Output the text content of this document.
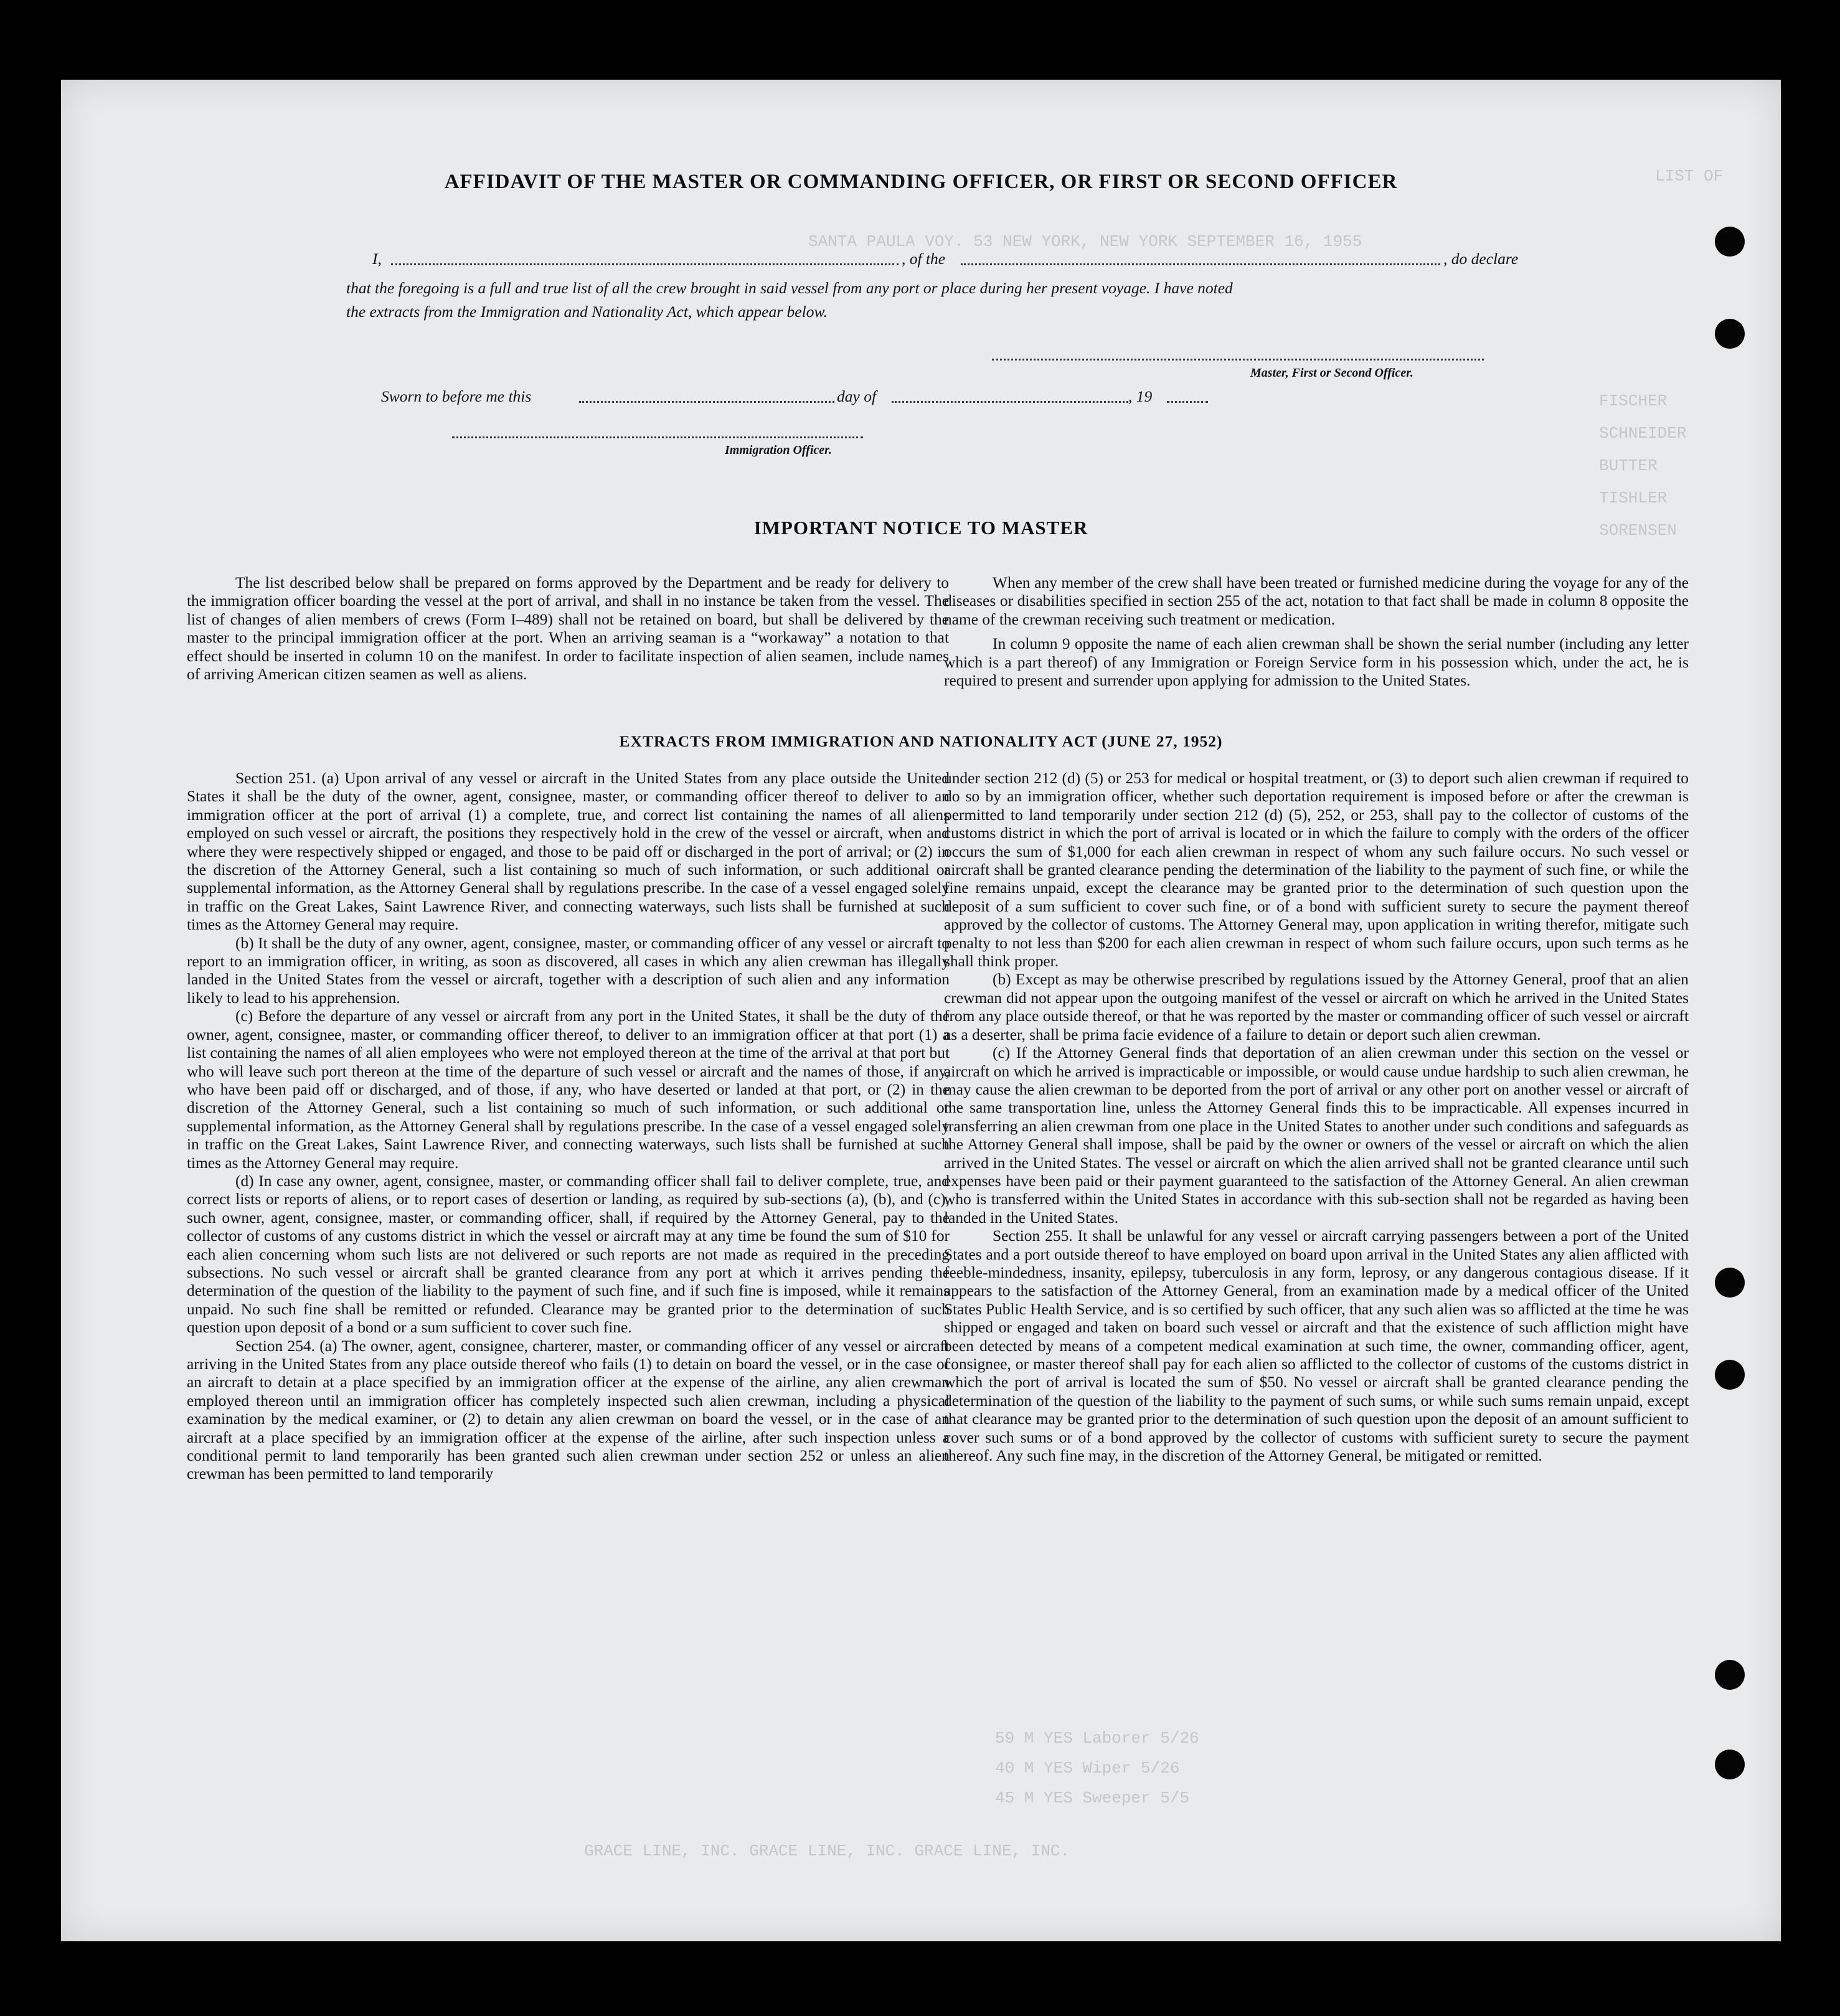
LIST OF
SANTA PAULA VOY. 53 NEW YORK, NEW YORK SEPTEMBER 16, 1955
FISCHER
SCHNEIDER
BUTTER
TISHLER
SORENSEN
59 M YES Laborer 5/26
40 M YES Wiper 5/26
45 M YES Sweeper 5/5
GRACE LINE, INC. GRACE LINE, INC. GRACE LINE, INC.
AFFIDAVIT OF THE MASTER OR COMMANDING OFFICER, OR FIRST OR SECOND OFFICER
I,	, of the	, do declare
that the foregoing is a full and true list of all the crew brought in said vessel from any port or place during her present voyage. I have noted
the extracts from the Immigration and Nationality Act, which appear below.
Master, First or Second Officer.
Sworn to before me this	day of	, 19
Immigration Officer.
IMPORTANT NOTICE TO MASTER

The list described below shall be prepared on forms approved by the Department and be ready for delivery to the immigration officer boarding the vessel at the port of arrival, and shall in no instance be taken from the vessel. The list of changes of alien members of crews (Form I–489) shall not be retained on board, but shall be delivered by the master to the principal immigration officer at the port. When an arriving seaman is a “workaway” a notation to that effect should be inserted in column 10 on the manifest. In order to facilitate inspection of alien seamen, include names of arriving American citizen seamen as well as aliens.

When any member of the crew shall have been treated or furnished medicine during the voyage for any of the diseases or disabilities specified in section 255 of the act, notation to that fact shall be made in column 8 opposite the name of the crewman receiving such treatment or medication.

In column 9 opposite the name of each alien crewman shall be shown the serial number (including any letter which is a part thereof) of any Immigration or Foreign Service form in his possession which, under the act, he is required to present and surrender upon applying for admission to the United States.

EXTRACTS FROM IMMIGRATION AND NATIONALITY ACT (JUNE 27, 1952)

Section 251. (a) Upon arrival of any vessel or aircraft in the United States from any place outside the United States it shall be the duty of the owner, agent, consignee, master, or commanding officer thereof to deliver to an immigration officer at the port of arrival (1) a complete, true, and correct list containing the names of all aliens employed on such vessel or aircraft, the positions they respectively hold in the crew of the vessel or aircraft, when and where they were respectively shipped or engaged, and those to be paid off or discharged in the port of arrival; or (2) in the discretion of the Attorney General, such a list containing so much of such information, or such additional or supplemental information, as the Attorney General shall by regulations prescribe. In the case of a vessel engaged solely in traffic on the Great Lakes, Saint Lawrence River, and connecting waterways, such lists shall be furnished at such times as the Attorney General may require.

(b) It shall be the duty of any owner, agent, consignee, master, or commanding officer of any vessel or aircraft to report to an immigration officer, in writing, as soon as discovered, all cases in which any alien crewman has illegally landed in the United States from the vessel or aircraft, together with a description of such alien and any information likely to lead to his apprehension.

(c) Before the departure of any vessel or aircraft from any port in the United States, it shall be the duty of the owner, agent, consignee, master, or commanding officer thereof, to deliver to an immigration officer at that port (1) a list containing the names of all alien employees who were not employed thereon at the time of the arrival at that port but who will leave such port thereon at the time of the departure of such vessel or aircraft and the names of those, if any, who have been paid off or discharged, and of those, if any, who have deserted or landed at that port, or (2) in the discretion of the Attorney General, such a list containing so much of such information, or such additional or supplemental information, as the Attorney General shall by regulations prescribe. In the case of a vessel engaged solely in traffic on the Great Lakes, Saint Lawrence River, and connecting waterways, such lists shall be furnished at such times as the Attorney General may require.

(d) In case any owner, agent, consignee, master, or commanding officer shall fail to deliver complete, true, and correct lists or reports of aliens, or to report cases of desertion or landing, as required by sub-sections (a), (b), and (c), such owner, agent, consignee, master, or commanding officer, shall, if required by the Attorney General, pay to the collector of customs of any customs district in which the vessel or aircraft may at any time be found the sum of $10 for each alien concerning whom such lists are not delivered or such reports are not made as required in the preceding subsections. No such vessel or aircraft shall be granted clearance from any port at which it arrives pending the determination of the question of the liability to the payment of such fine, and if such fine is imposed, while it remains unpaid. No such fine shall be remitted or refunded. Clearance may be granted prior to the determination of such question upon deposit of a bond or a sum sufficient to cover such fine.

Section 254. (a) The owner, agent, consignee, charterer, master, or commanding officer of any vessel or aircraft arriving in the United States from any place outside thereof who fails (1) to detain on board the vessel, or in the case of an aircraft to detain at a place specified by an immigration officer at the expense of the airline, any alien crewman employed thereon until an immigration officer has completely inspected such alien crewman, including a physical examination by the medical examiner, or (2) to detain any alien crewman on board the vessel, or in the case of an aircraft at a place specified by an immigration officer at the expense of the airline, after such inspection unless a conditional permit to land temporarily has been granted such alien crewman under section 252 or unless an alien crewman has been permitted to land temporarily

under section 212 (d) (5) or 253 for medical or hospital treatment, or (3) to deport such alien crewman if required to do so by an immigration officer, whether such deportation requirement is imposed before or after the crewman is permitted to land temporarily under section 212 (d) (5), 252, or 253, shall pay to the collector of customs of the customs district in which the port of arrival is located or in which the failure to comply with the orders of the officer occurs the sum of $1,000 for each alien crewman in respect of whom any such failure occurs. No such vessel or aircraft shall be granted clearance pending the determination of the liability to the payment of such fine, or while the fine remains unpaid, except the clearance may be granted prior to the determination of such question upon the deposit of a sum sufficient to cover such fine, or of a bond with sufficient surety to secure the payment thereof approved by the collector of customs. The Attorney General may, upon application in writing therefor, mitigate such penalty to not less than $200 for each alien crewman in respect of whom such failure occurs, upon such terms as he shall think proper.

(b) Except as may be otherwise prescribed by regulations issued by the Attorney General, proof that an alien crewman did not appear upon the outgoing manifest of the vessel or aircraft on which he arrived in the United States from any place outside thereof, or that he was reported by the master or commanding officer of such vessel or aircraft as a deserter, shall be prima facie evidence of a failure to detain or deport such alien crewman.

(c) If the Attorney General finds that deportation of an alien crewman under this section on the vessel or aircraft on which he arrived is impracticable or impossible, or would cause undue hardship to such alien crewman, he may cause the alien crewman to be deported from the port of arrival or any other port on another vessel or aircraft of the same transportation line, unless the Attorney General finds this to be impracticable. All expenses incurred in transferring an alien crewman from one place in the United States to another under such conditions and safeguards as the Attorney General shall impose, shall be paid by the owner or owners of the vessel or aircraft on which the alien arrived in the United States. The vessel or aircraft on which the alien arrived shall not be granted clearance until such expenses have been paid or their payment guaranteed to the satisfaction of the Attorney General. An alien crewman who is transferred within the United States in accordance with this sub-section shall not be regarded as having been landed in the United States.

Section 255. It shall be unlawful for any vessel or aircraft carrying passengers between a port of the United States and a port outside thereof to have employed on board upon arrival in the United States any alien afflicted with feeble-mindedness, insanity, epilepsy, tuberculosis in any form, leprosy, or any dangerous contagious disease. If it appears to the satisfaction of the Attorney General, from an examination made by a medical officer of the United States Public Health Service, and is so certified by such officer, that any such alien was so afflicted at the time he was shipped or engaged and taken on board such vessel or aircraft and that the existence of such affliction might have been detected by means of a competent medical examination at such time, the owner, commanding officer, agent, consignee, or master thereof shall pay for each alien so afflicted to the collector of customs of the customs district in which the port of arrival is located the sum of $50. No vessel or aircraft shall be granted clearance pending the determination of the question of the liability to the payment of such sums, or while such sums remain unpaid, except that clearance may be granted prior to the determination of such question upon the deposit of an amount sufficient to cover such sums or of a bond approved by the collector of customs with sufficient surety to secure the payment thereof. Any such fine may, in the discretion of the Attorney General, be mitigated or remitted.
